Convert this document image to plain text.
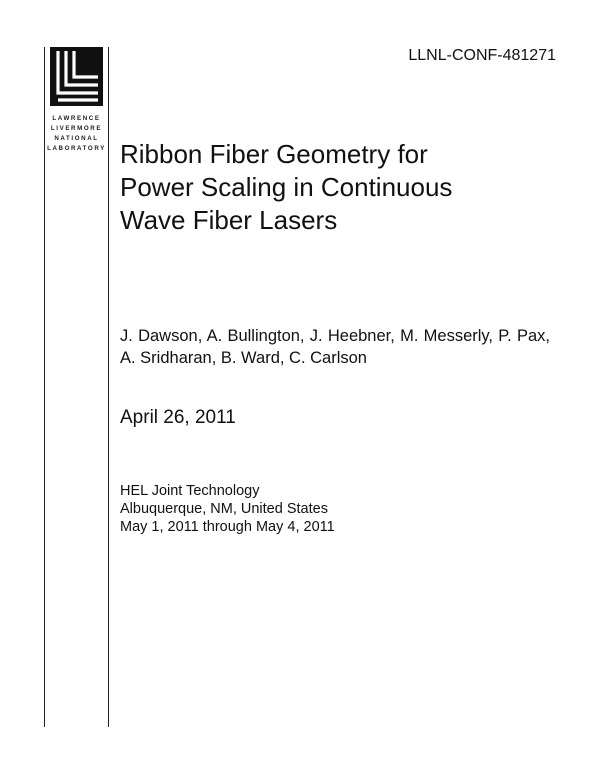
LAWRENCE
LIVERMORE
NATIONAL
LABORATORY
LLNL-CONF-481271
Ribbon Fiber Geometry for
Power Scaling in Continuous
Wave Fiber Lasers
J. Dawson, A. Bullington, J. Heebner, M. Messerly, P. Pax, A. Sridharan, B. Ward, C. Carlson
April 26, 2011
HEL Joint Technology
Albuquerque, NM, United States
May 1, 2011 through May 4, 2011
